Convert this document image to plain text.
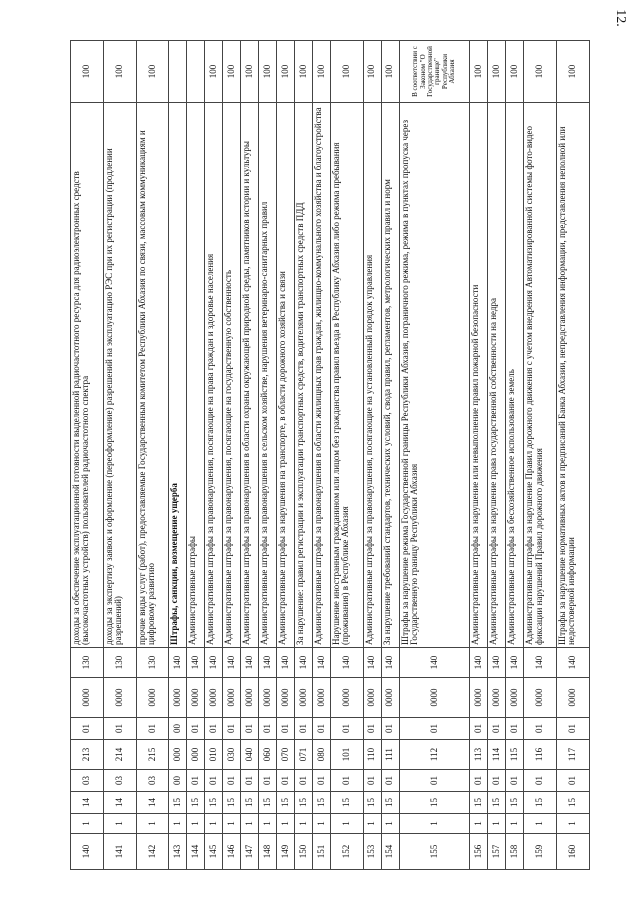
12.
140	1	14	03	213	01	0000	130	доходы за обеспечение эксплуатационной готовности выделенной радиочастотного ресурса для радиоэлектронных средств (высокочастотных устройств) пользователей радиочастотного спектра	100
141	1	14	03	214	01	0000	130	доходы за экспертизу заявок и оформление (переоформление) разрешений на эксплуатацию РЭС при их регистрации (продлении разрешений)	100
142	1	14	03	215	01	0000	130	прочие виды услуг (работ), предоставляемые Государственным комитетом Республики Абхазия по связи, массовым коммуникациям и цифровому развитию	100
143	1	15	00	000	00	0000	140	Штрафы, санкции, возмещение ущерба	
144	1	15	01	000	01	0000	140	Административные штрафы	
145	1	15	01	010	01	0000	140	Административные штрафы за правонарушения, посягающие на права граждан и здоровье населения	100
146	1	15	01	030	01	0000	140	Административные штрафы за правонарушения, посягающие на государственную собственность	100
147	1	15	01	040	01	0000	140	Административные штрафы за правонарушения в области охраны окружающей природной среды, памятников истории и культуры	100
148	1	15	01	060	01	0000	140	Административные штрафы за правонарушения в сельском хозяйстве, нарушения ветеринарно-санитарных правил	100
149	1	15	01	070	01	0000	140	Административные штрафы за нарушения на транспорте, в области дорожного хозяйства и связи	100
150	1	15	01	071	01	0000	140	За нарушение: правил регистрации и эксплуатации транспортных средств, водителями транспортных средств ПДД	100
151	1	15	01	080	01	0000	140	Административные штрафы за правонарушения в области жилищных прав граждан, жилищно-коммунального хозяйства и благоустройства	100
152	1	15	01	101	01	0000	140	Нарушение иностранным гражданином или лицом без гражданства правил въезда в Республику Абхазия либо режима пребывания (проживания) в Республике Абхазия	100
153	1	15	01	110	01	0000	140	Административные штрафы за правонарушения, посягающие на установленный порядок управления	100
154	1	15	01	111	01	0000	140	За нарушение требований стандартов, технических условий, свода правил, регламентов, метрологических правил и норм	100
155	1	15	01	112	01	0000	140	Штрафы за нарушение режима Государственной границы Республики Абхазия, пограничного режима, режима в пунктах пропуска через Государственную границу Республики Абхазия	В соответствии с Законом "О Государственной границе" Республики Абхазия
156	1	15	01	113	01	0000	140	Административные штрафы за нарушение или невыполнение правил пожарной безопасности	100
157	1	15	01	114	01	0000	140	Административные штрафы за нарушение права государственной собственности на недра	100
158	1	15	01	115	01	0000	140	Административные штрафы за бесхозяйственное использование земель	100
159	1	15	01	116	01	0000	140	Административные штрафы за нарушение Правил дорожного движения с учетом внедрения Автоматизированной системы фото-видео фиксации нарушений Правил дорожного движения	100
160	1	15	01	117	01	0000	140	Штрафы за нарушение нормативных актов и предписаний Банка Абхазии, непредставления информации, представления неполной или недостоверной информации	100
